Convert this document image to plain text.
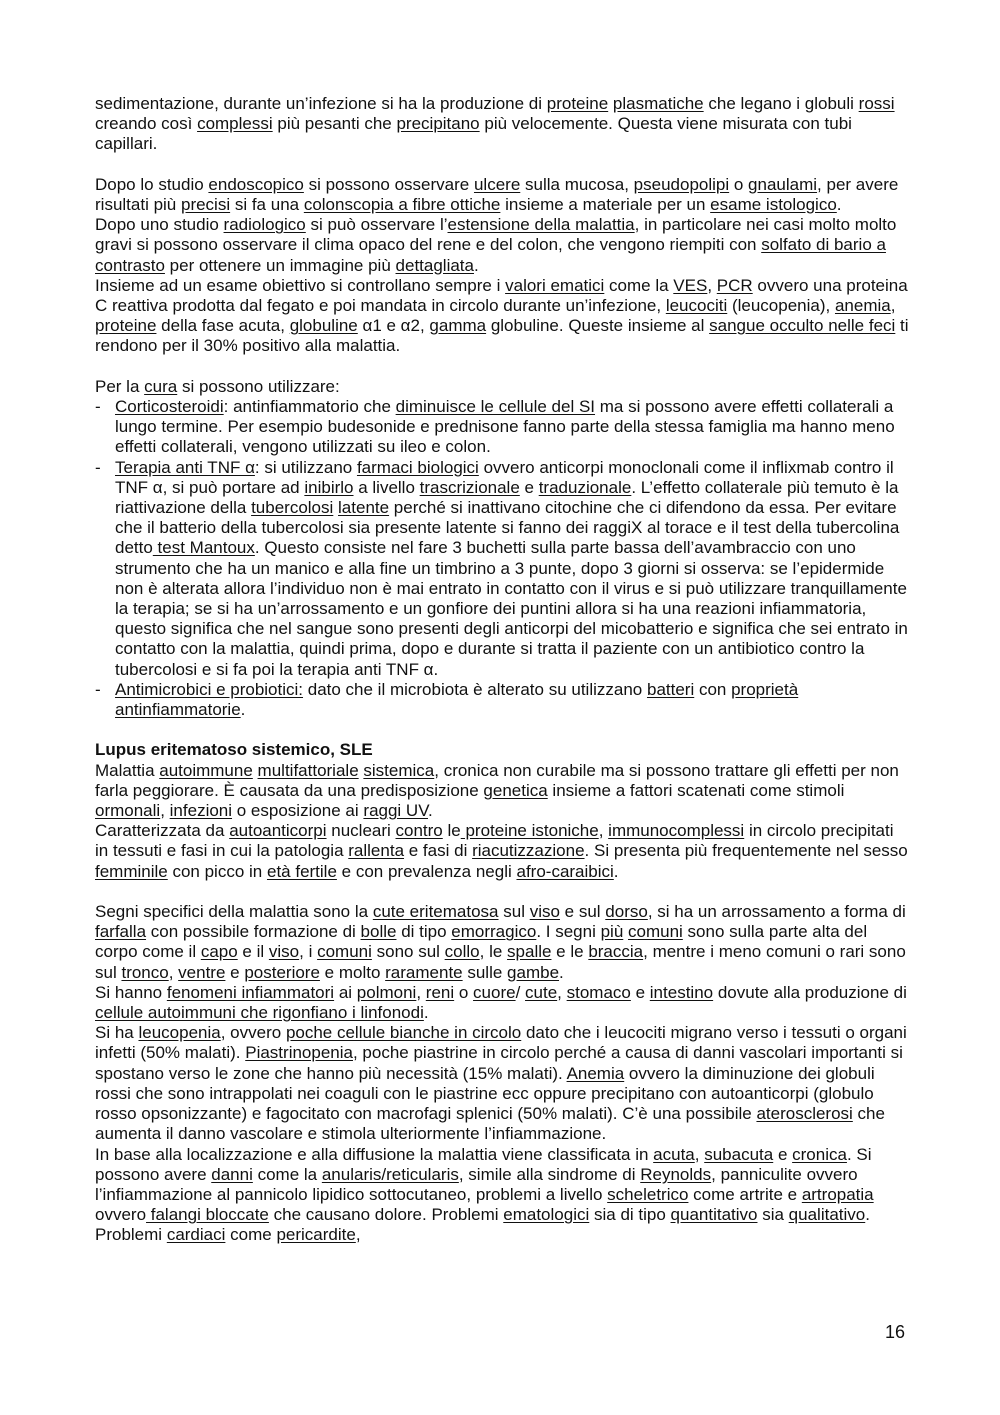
sedimentazione, durante un’infezione si ha la produzione di proteine plasmatiche che legano i globuli rossi creando così complessi più pesanti che precipitano più velocemente. Questa viene misurata con tubi capillari.

Dopo lo studio endoscopico si possono osservare ulcere sulla mucosa, pseudopolipi o gnaulami, per avere risultati più precisi si fa una colonscopia a fibre ottiche insieme a materiale per un esame istologico.

Dopo uno studio radiologico si può osservare l’estensione della malattia, in particolare nei casi molto molto gravi si possono osservare il clima opaco del rene e del colon, che vengono riempiti con solfato di bario a contrasto per ottenere un immagine più dettagliata.

Insieme ad un esame obiettivo si controllano sempre i valori ematici come la VES, PCR ovvero una proteina C reattiva prodotta dal fegato e poi mandata in circolo durante un’infezione, leucociti (leucopenia), anemia, proteine della fase acuta, globuline α1 e α2, gamma globuline. Queste insieme al sangue occulto nelle feci ti rendono per il 30% positivo alla malattia.

Per la cura si possono utilizzare:

- Corticosteroidi: antinfiammatorio che diminuisce le cellule del SI ma si possono avere effetti collaterali a lungo termine. Per esempio budesonide e prednisone fanno parte della stessa famiglia ma hanno meno effetti collaterali, vengono utilizzati su ileo e colon.
- Terapia anti TNF α: si utilizzano farmaci biologici ovvero anticorpi monoclonali come il inflixmab contro il TNF α, si può portare ad inibirlo a livello trascrizionale e traduzionale. L’effetto collaterale più temuto è la riattivazione della tubercolosi latente perché si inattivano citochine che ci difendono da essa. Per evitare che il batterio della tubercolosi sia presente latente si fanno dei raggiX al torace e il test della tubercolina detto test Mantoux. Questo consiste nel fare 3 buchetti sulla parte bassa dell’avambraccio con uno strumento che ha un manico e alla fine un timbrino a 3 punte, dopo 3 giorni si osserva: se l’epidermide non è alterata allora l’individuo non è mai entrato in contatto con il virus e si può utilizzare tranquillamente la terapia; se si ha un’arrossamento e un gonfiore dei puntini allora si ha una reazioni infiammatoria, questo significa che nel sangue sono presenti degli anticorpi del micobatterio e significa che sei entrato in contatto con la malattia, quindi prima, dopo e durante si tratta il paziente con un antibiotico contro la tubercolosi e si fa poi la terapia anti TNF α.
- Antimicrobici e probiotici: dato che il microbiota è alterato su utilizzano batteri con proprietà antinfiammatorie.

Lupus eritematoso sistemico, SLE

Malattia autoimmune multifattoriale sistemica, cronica non curabile ma si possono trattare gli effetti per non farla peggiorare. È causata da una predisposizione genetica insieme a fattori scatenati come stimoli ormonali, infezioni o esposizione ai raggi UV.

Caratterizzata da autoanticorpi nucleari contro le proteine istoniche, immunocomplessi in circolo precipitati in tessuti e fasi in cui la patologia rallenta e fasi di riacutizzazione. Si presenta più frequentemente nel sesso femminile con picco in età fertile e con prevalenza negli afro-caraibici.

Segni specifici della malattia sono la cute eritematosa sul viso e sul dorso, si ha un arrossamento a forma di farfalla con possibile formazione di bolle di tipo emorragico. I segni più comuni sono sulla parte alta del corpo come il capo e il viso, i comuni sono sul collo, le spalle e le braccia, mentre i meno comuni o rari sono sul tronco, ventre e posteriore e molto raramente sulle gambe.

Si hanno fenomeni infiammatori ai polmoni, reni o cuore/ cute, stomaco e intestino dovute alla produzione di cellule autoimmuni che rigonfiano i linfonodi.

Si ha leucopenia, ovvero poche cellule bianche in circolo dato che i leucociti migrano verso i tessuti o organi infetti (50% malati). Piastrinopenia, poche piastrine in circolo perché a causa di danni vascolari importanti si spostano verso le zone che hanno più necessità (15% malati). Anemia ovvero la diminuzione dei globuli rossi che sono intrappolati nei coaguli con le piastrine ecc oppure precipitano con autoanticorpi (globulo rosso opsonizzante) e fagocitato con macrofagi splenici (50% malati). C’è una possibile aterosclerosi che aumenta il danno vascolare e stimola ulteriormente l’infiammazione.

In base alla localizzazione e alla diffusione la malattia viene classificata in acuta, subacuta e cronica. Si possono avere danni come la anularis/reticularis, simile alla sindrome di Reynolds, panniculite ovvero l’infiammazione al pannicolo lipidico sottocutaneo, problemi a livello scheletrico come artrite e artropatia ovvero falangi bloccate che causano dolore. Problemi ematologici sia di tipo quantitativo sia qualitativo. Problemi cardiaci come pericardite,

16
